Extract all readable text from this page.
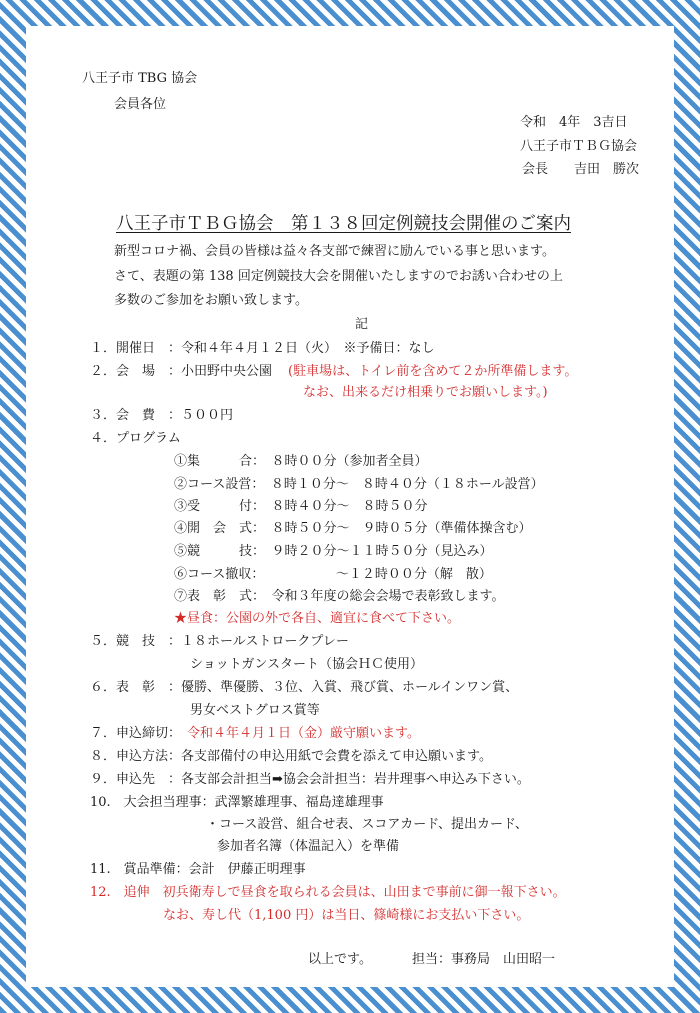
八王子市 TBG 協会
会員各位
令和　4年　3吉日
八王子市ＴＢＧ協会
会長　　吉田　勝次
八王子市ＴＢＧ協会　第１３８回定例競技会開催のご案内
新型コロナ禍、会員の皆様は益々各支部で練習に励んでいる事と思います。
さて、表題の第 138 回定例競技大会を開催いたしますのでお誘い合わせの上
多数のご参加をお願い致します。
記
１．開催日　：令和４年４月１２日（火）　※予備日：なし
２．会　場　：小田野中央公園 (駐車場は、トイレ前を含めて２か所準備します。
なお、出来るだけ相乗りでお願いします。)
３．会　費　：５００円
４．プログラム
①集　　　合：　８時００分（参加者全員）
②コース設営：　８時１０分～　８時４０分（１８ホール設営）
③受　　　付：　８時４０分～　８時５０分
④開　会　式：　８時５０分～　９時０５分（準備体操含む）
⑤競　　　技：　９時２０分～１１時５０分（見込み）
⑥コース撤収：　　　　　　～１２時００分（解　散）
⑦表　彰　式：　令和３年度の総会会場で表彰致します。
★昼食：公園の外で各自、適宜に食べて下さい。
５．競　技　：１８ホールストロークプレー
ショットガンスタート（協会ＨＣ使用）
６．表　彰　：優勝、準優勝、３位、入賞、飛び賞、ホールインワン賞、
男女ベストグロス賞等
７．申込締切： 令和４年４月１日（金）厳守願います。
８．申込方法：各支部備付の申込用紙で会費を添えて申込願います。
９．申込先　：各支部会計担当➡協会会計担当：岩井理事へ申込み下さい。
10.　大会担当理事：武澤繁雄理事、福島達雄理事
・コース設営、組合せ表、スコアカード、提出カード、
参加者名簿（体温記入）を準備
11.　賞品準備：会計　伊藤正明理事
12.　追伸　初兵衛寿しで昼食を取られる会員は、山田まで事前に御一報下さい。
なお、寿し代（1,100 円）は当日、篠崎様にお支払い下さい。
以上です。	担当：事務局　山田昭一
